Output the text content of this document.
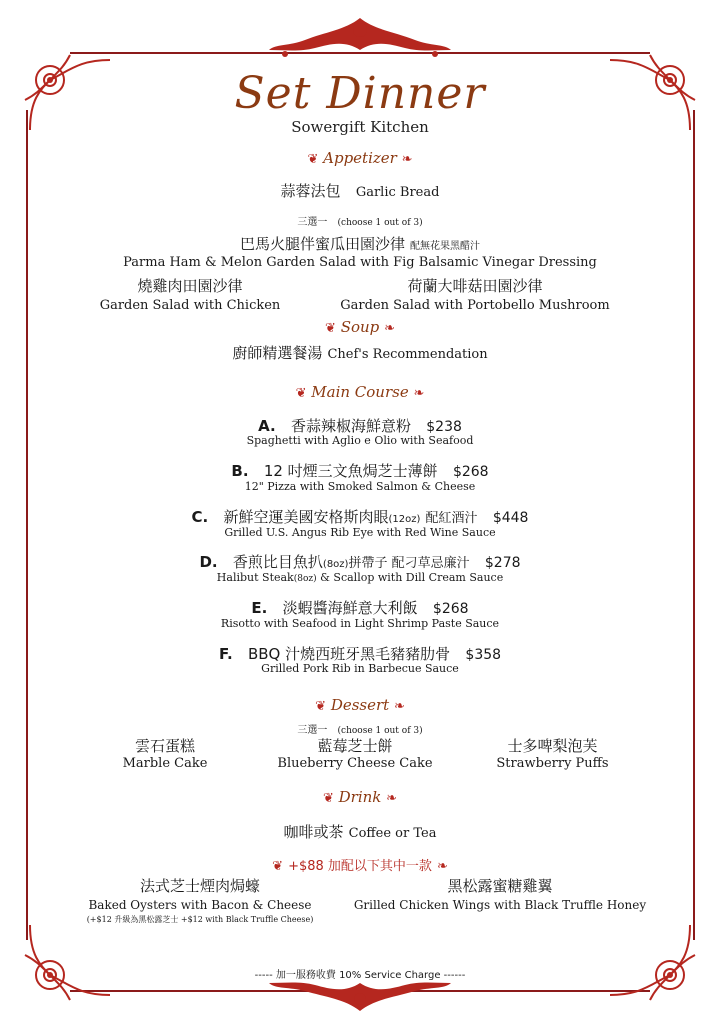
Set Dinner
Sowergift Kitchen
❦ Appetizer ❧
蒜蓉法包 Garlic Bread
三選一 (choose 1 out of 3)
巴馬火腿伴蜜瓜田園沙律 配無花果黑醋汁
Parma Ham & Melon Garden Salad with Fig Balsamic Vinegar Dressing
燒雞肉田園沙律
Garden Salad with Chicken
荷蘭大啡菇田園沙律
Garden Salad with Portobello Mushroom
❦ Soup ❧
廚師精選餐湯 Chef's Recommendation
❦ Main Course ❧
A. 香蒜辣椒海鮮意粉 $238
Spaghetti with Aglio e Olio with Seafood
B. 12 吋煙三文魚焗芝士薄餅 $268
12" Pizza with Smoked Salmon & Cheese
C. 新鮮空運美國安格斯肉眼(12oz) 配紅酒汁 $448
Grilled U.S. Angus Rib Eye with Red Wine Sauce
D. 香煎比目魚扒(8oz)拼帶子 配刁草忌廉汁 $278
Halibut Steak(8oz) & Scallop with Dill Cream Sauce
E. 淡蝦醬海鮮意大利飯 $268
Risotto with Seafood in Light Shrimp Paste Sauce
F. BBQ 汁燒西班牙黑毛豬豬肋骨 $358
Grilled Pork Rib in Barbecue Sauce
❦ Dessert ❧
三選一 (choose 1 out of 3)
雲石蛋糕
Marble Cake
藍莓芝士餅
Blueberry Cheese Cake
士多啤梨泡芙
Strawberry Puffs
❦ Drink ❧
咖啡或茶 Coffee or Tea
❦ +$88 加配以下其中一款 ❧
法式芝士煙肉焗蠔
Baked Oysters with Bacon & Cheese
(+$12 升級為黑松露芝士 +$12 with Black Truffle Cheese)
黑松露蜜糖雞翼
Grilled Chicken Wings with Black Truffle Honey
----- 加一服務收費 10% Service Charge ------
